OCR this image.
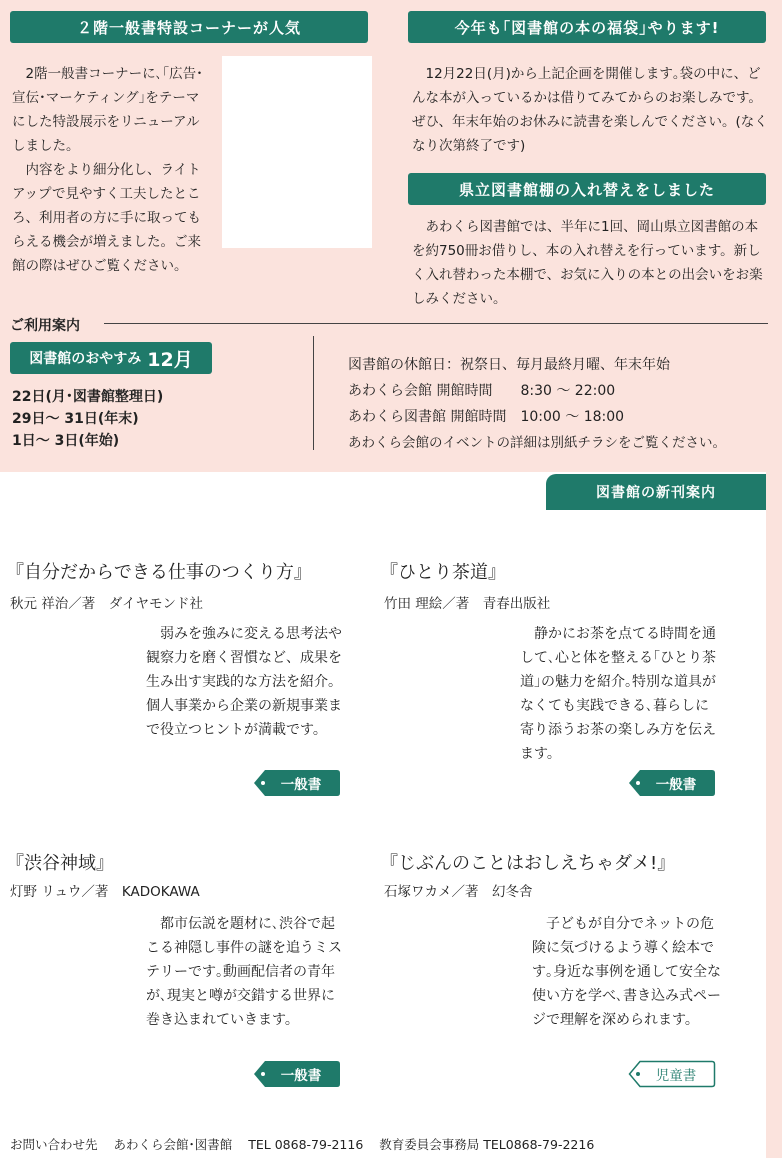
２階一般書特設コーナーが人気

2階一般書コーナーに､｢広告･宣伝･マーケティング｣をテーマにした特設展示をリニューアルしました。

内容をより細分化し、ライトアップで見やすく工夫したところ、利用者の方に手に取ってもらえる機会が増えました。ご来館の際はぜひご覧ください。

今年も｢図書館の本の福袋｣やります!

12月22日(月)から上記企画を開催します｡袋の中に、どんな本が入っているかは借りてみてからのお楽しみです。ぜひ、年末年始のお休みに読書を楽しんでください。(なくなり次第終了です)

県立図書館棚の入れ替えをしました

あわくら図書館では、半年に1回、岡山県立図書館の本を約750冊お借りし、本の入れ替えを行っています。新しく入れ替わった本棚で、お気に入りの本との出会いをお楽しみください。

ご利用案内
図書館のおやすみ 12月
22日(月･図書館整理日)
29日〜 31日(年末)
1日〜 3日(年始)
図書館の休館日：祝祭日、毎月最終月曜、年末年始
あわくら会館 開館時間　　8:30 〜 22:00
あわくら図書館 開館時間　10:00 〜 18:00
あわくら会館のイベントの詳細は別紙チラシをご覧ください。
図書館の新刊案内
『自分だからできる仕事のつくり方』
秋元 祥治／著　ダイヤモンド社

弱みを強みに変える思考法や観察力を磨く習慣など、成果を生み出す実践的な方法を紹介。個人事業から企業の新規事業まで役立つヒントが満載です。

一般書
『ひとり茶道』
竹田 理絵／著　青春出版社

静かにお茶を点てる時間を通して､心と体を整える｢ひとり茶道｣の魅力を紹介｡特別な道具がなくても実践できる､暮らしに寄り添うお茶の楽しみ方を伝えます。

一般書
『渋谷神域』
灯野 リュウ／著　KADOKAWA

都市伝説を題材に､渋谷で起こる神隠し事件の謎を追うミステリーです｡動画配信者の青年が､現実と噂が交錯する世界に巻き込まれていきます。

一般書
『じぶんのことはおしえちゃダメ!』
石塚ワカメ／著　幻冬舎

子どもが自分でネットの危険に気づけるよう導く絵本です｡身近な事例を通して安全な使い方を学べ､書き込み式ページで理解を深められます。

児童書
お問い合わせ先 あわくら会館･図書館 TEL 0868-79-2116 教育委員会事務局 TEL0868-79-2216
